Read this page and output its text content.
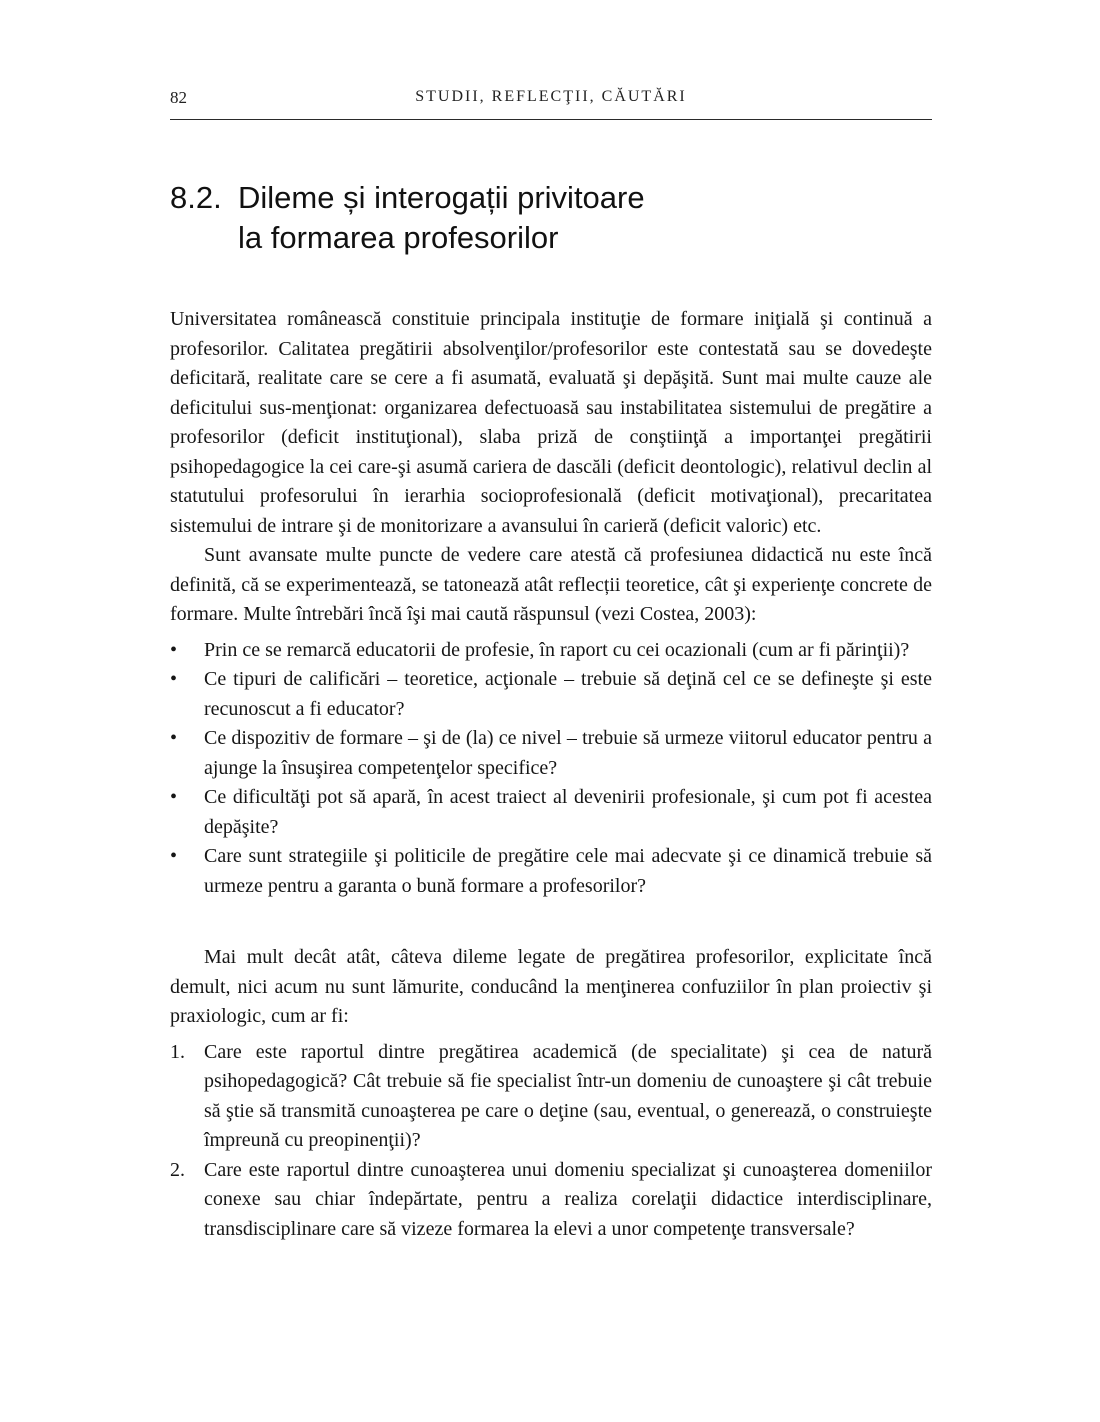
82	STUDII, REFLECŢII, CĂUTĂRI
8.2. Dileme și interogații privitoare
la formarea profesorilor

Universitatea românească constituie principala instituţie de formare iniţială şi continuă a profesorilor. Calitatea pregătirii absolvenţilor/profesorilor este contestată sau se dovedeşte deficitară, realitate care se cere a fi asumată, evaluată şi depăşită. Sunt mai multe cauze ale deficitului sus-menţionat: organizarea defectuoasă sau instabilitatea sistemului de pregătire a profesorilor (deficit instituţional), slaba priză de conştiinţă a importanţei pregătirii psihopedagogice la cei care-şi asumă cariera de dascăli (deficit deontologic), relativul declin al statutului profesorului în ierarhia socioprofesională (deficit motivaţional), precaritatea sistemului de intrare şi de monitorizare a avansului în carieră (deficit valoric) etc.

Sunt avansate multe puncte de vedere care atestă că profesiunea didactică nu este încă definită, că se experimentează, se tatonează atât reflecții teoretice, cât şi experienţe concrete de formare. Multe întrebări încă îşi mai caută răspunsul (vezi Costea, 2003):

•	Prin ce se remarcă educatorii de profesie, în raport cu cei ocazionali (cum ar fi părinţii)?
•	Ce tipuri de calificări – teoretice, acţionale – trebuie să deţină cel ce se defineşte şi este recunoscut a fi educator?
•	Ce dispozitiv de formare – şi de (la) ce nivel – trebuie să urmeze viitorul educator pentru a ajunge la însuşirea competenţelor specifice?
•	Ce dificultăţi pot să apară, în acest traiect al devenirii profesionale, şi cum pot fi acestea depăşite?
•	Care sunt strategiile şi politicile de pregătire cele mai adecvate şi ce dinamică trebuie să urmeze pentru a garanta o bună formare a profesorilor?

Mai mult decât atât, câteva dileme legate de pregătirea profesorilor, explicitate încă demult, nici acum nu sunt lămurite, conducând la menţinerea confuziilor în plan proiectiv şi praxiologic, cum ar fi:

1. Care este raportul dintre pregătirea academică (de specialitate) şi cea de natură psihopedagogică? Cât trebuie să fie specialist într-un domeniu de cunoaştere şi cât trebuie să ştie să transmită cunoaşterea pe care o deţine (sau, eventual, o generează, o construieşte împreună cu preopinenţii)?
2. Care este raportul dintre cunoaşterea unui domeniu specializat şi cunoaşterea domeniilor conexe sau chiar îndepărtate, pentru a realiza corelaţii didactice interdisciplinare, transdisciplinare care să vizeze formarea la elevi a unor competenţe transversale?
